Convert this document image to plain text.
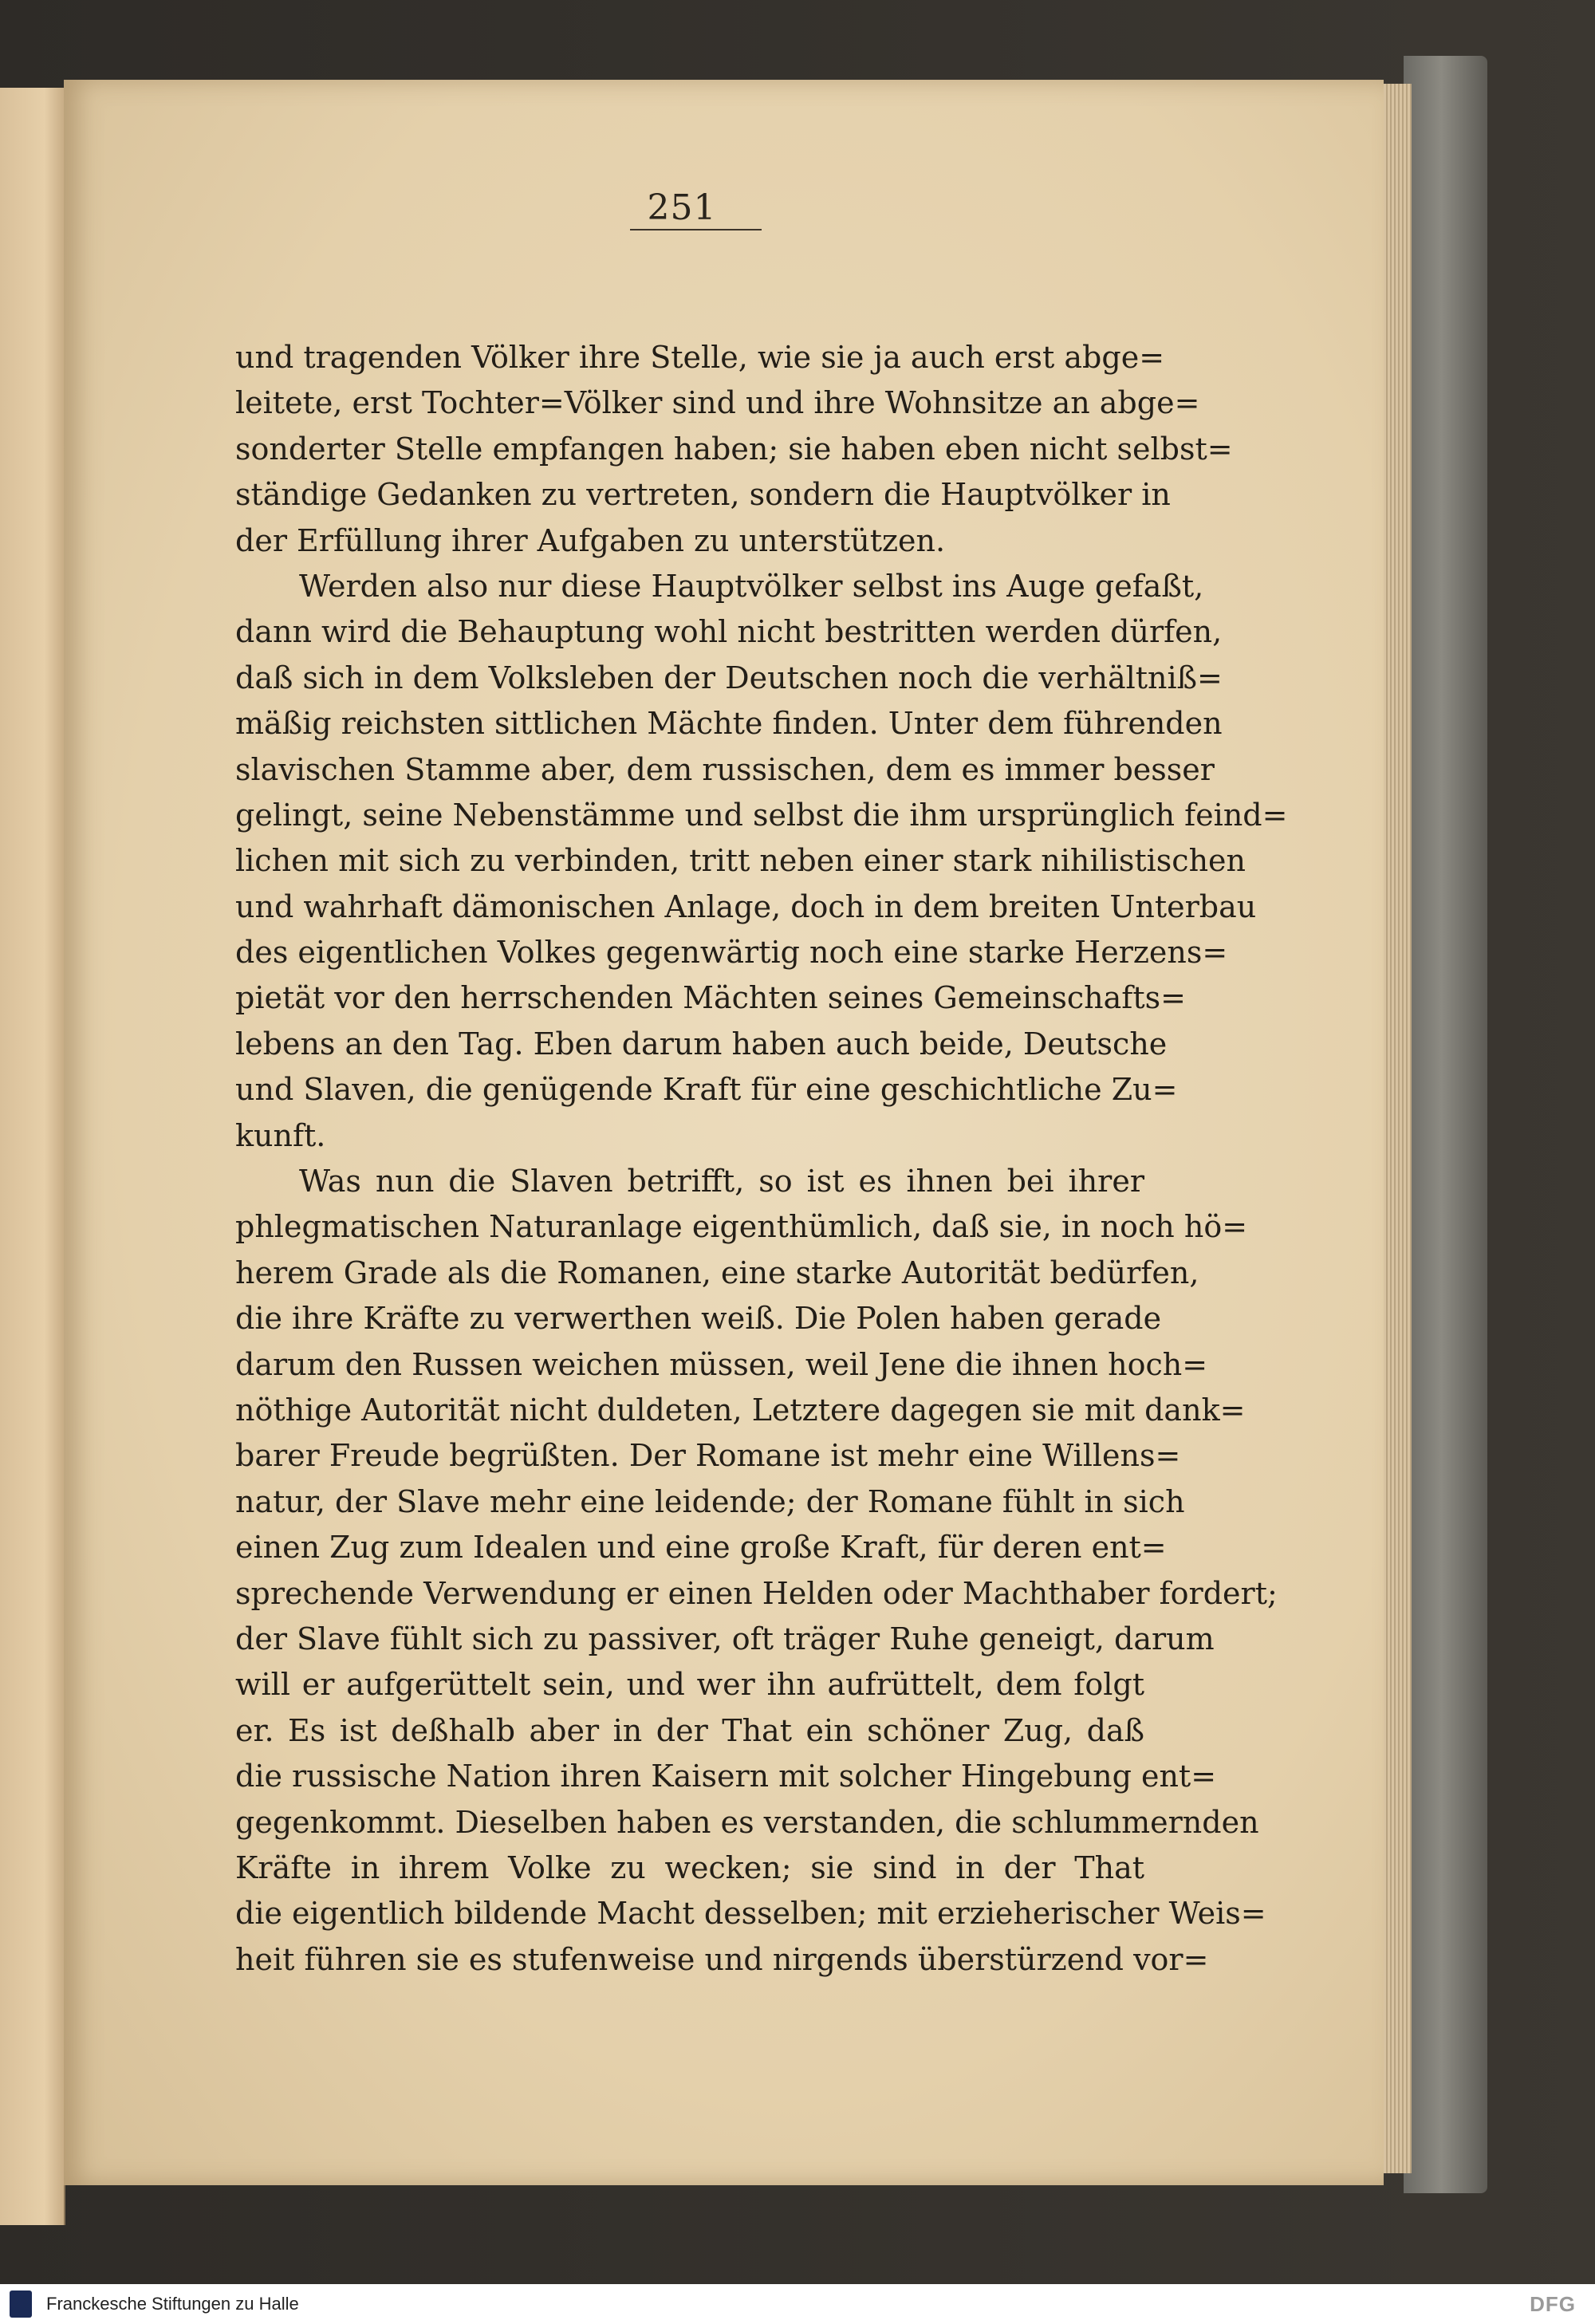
251
und tragenden Völker ihre Stelle, wie sie ja auch erst abge=
leitete, erst Tochter=Völker sind und ihre Wohnsitze an abge=
sonderter Stelle empfangen haben; sie haben eben nicht selbst=
ständige Gedanken zu vertreten, sondern die Hauptvölker in
der Erfüllung ihrer Aufgaben zu unterstützen.
Werden also nur diese Hauptvölker selbst ins Auge gefaßt,
dann wird die Behauptung wohl nicht bestritten werden dürfen,
daß sich in dem Volksleben der Deutschen noch die verhältniß=
mäßig reichsten sittlichen Mächte finden. Unter dem führenden
slavischen Stamme aber, dem russischen, dem es immer besser
gelingt, seine Nebenstämme und selbst die ihm ursprünglich feind=
lichen mit sich zu verbinden, tritt neben einer stark nihilistischen
und wahrhaft dämonischen Anlage, doch in dem breiten Unterbau
des eigentlichen Volkes gegenwärtig noch eine starke Herzens=
pietät vor den herrschenden Mächten seines Gemeinschafts=
lebens an den Tag. Eben darum haben auch beide, Deutsche
und Slaven, die genügende Kraft für eine geschichtliche Zu=
kunft.
Was nun die Slaven betrifft, so ist es ihnen bei ihrer
phlegmatischen Naturanlage eigenthümlich, daß sie, in noch hö=
herem Grade als die Romanen, eine starke Autorität bedürfen,
die ihre Kräfte zu verwerthen weiß. Die Polen haben gerade
darum den Russen weichen müssen, weil Jene die ihnen hoch=
nöthige Autorität nicht duldeten, Letztere dagegen sie mit dank=
barer Freude begrüßten. Der Romane ist mehr eine Willens=
natur, der Slave mehr eine leidende; der Romane fühlt in sich
einen Zug zum Idealen und eine große Kraft, für deren ent=
sprechende Verwendung er einen Helden oder Machthaber fordert;
der Slave fühlt sich zu passiver, oft träger Ruhe geneigt, darum
will er aufgerüttelt sein, und wer ihn aufrüttelt, dem folgt
er. Es ist deßhalb aber in der That ein schöner Zug, daß
die russische Nation ihren Kaisern mit solcher Hingebung ent=
gegenkommt. Dieselben haben es verstanden, die schlummernden
Kräfte in ihrem Volke zu wecken; sie sind in der That
die eigentlich bildende Macht desselben; mit erzieherischer Weis=
heit führen sie es stufenweise und nirgends überstürzend vor=
Franckesche Stiftungen zu Halle	DFG
